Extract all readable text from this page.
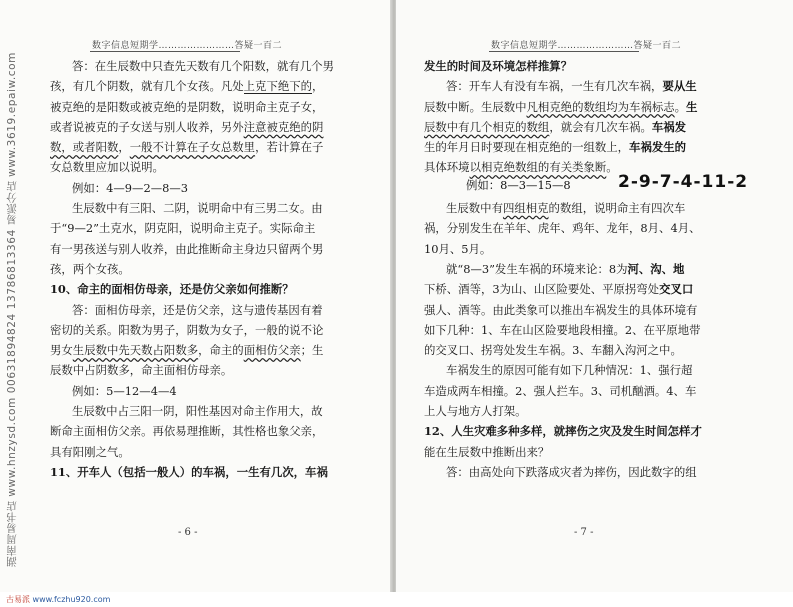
湖南周易书店 www.hnzysd.com 00631894824 13786813364 易派分店 www.3619.epaiw.com
数字信息短期学……………………答疑一百二
答：在生辰数中只查先天数有几个阳数，就有几个男
孩，有几个阴数，就有几个女孩。凡处上克下绝下的，
被克绝的是阳数或被克绝的是阴数，说明命主克子女，
或者说被克的子女送与别人收养，另外注意被克绝的阴
数，或者阳数，一般不计算在子女总数里，若计算在子
女总数里应加以说明。
例如：4—9—2—8—3
生辰数中有三阳、二阴，说明命中有三男二女。由
于“9—2”土克水，阴克阳，说明命主克子。实际命主
有一男孩送与别人收养，由此推断命主身边只留两个男
孩，两个女孩。
10、命主的面相仿母亲，还是仿父亲如何推断？
答：面相仿母亲，还是仿父亲，这与遗传基因有着
密切的关系。阳数为男子，阴数为女子，一般的说不论
男女生辰数中先天数占阳数多，命主的面相仿父亲；生
辰数中占阴数多，命主面相仿母亲。
例如：5—12—4—4
生辰数中占三阳一阴，阳性基因对命主作用大，故
断命主面相仿父亲。再依易理推断，其性格也象父亲，
具有阳刚之气。
11、开车人（包括一般人）的车祸，一生有几次，车祸
- 6 -
数字信息短期学……………………答疑一百二
发生的时间及环境怎样推算？
答：开车人有没有车祸，一生有几次车祸，要从生
辰数中断。生辰数中凡相克绝的数组均为车祸标志。生
辰数中有几个相克的数组，就会有几次车祸。车祸发
生的年月日时要现在相克绝的一组数上，车祸发生的
具体环境以相克绝数组的有关类象断。
生辰数中有四组相克的数组，说明命主有四次车
祸，分别发生在羊年、虎年、鸡年、龙年，8月、4月、
10月、5月。
就“8—3”发生车祸的环境来论：8为河、沟、地
下桥、酒等，3为山、山区险要处、平原拐弯处交叉口
强人、酒等。由此类象可以推出车祸发生的具体环境有
如下几种：1、车在山区险要地段相撞。2、在平原地带
的交叉口、拐弯处发生车祸。3、车翻入沟河之中。
车祸发生的原因可能有如下几种情况：1、强行超
车造成两车相撞。2、强人拦车。3、司机酗酒。4、车
上人与地方人打架。
12、人生灾难多种多样，就摔伤之灾及发生时间怎样才
能在生辰数中推断出来？
答：由高处向下跌落成灾者为摔伤，因此数字的组
例如：8—3—15—8	2-9-7-4-11-2
- 7 -
古易派 www.fczhu920.com
